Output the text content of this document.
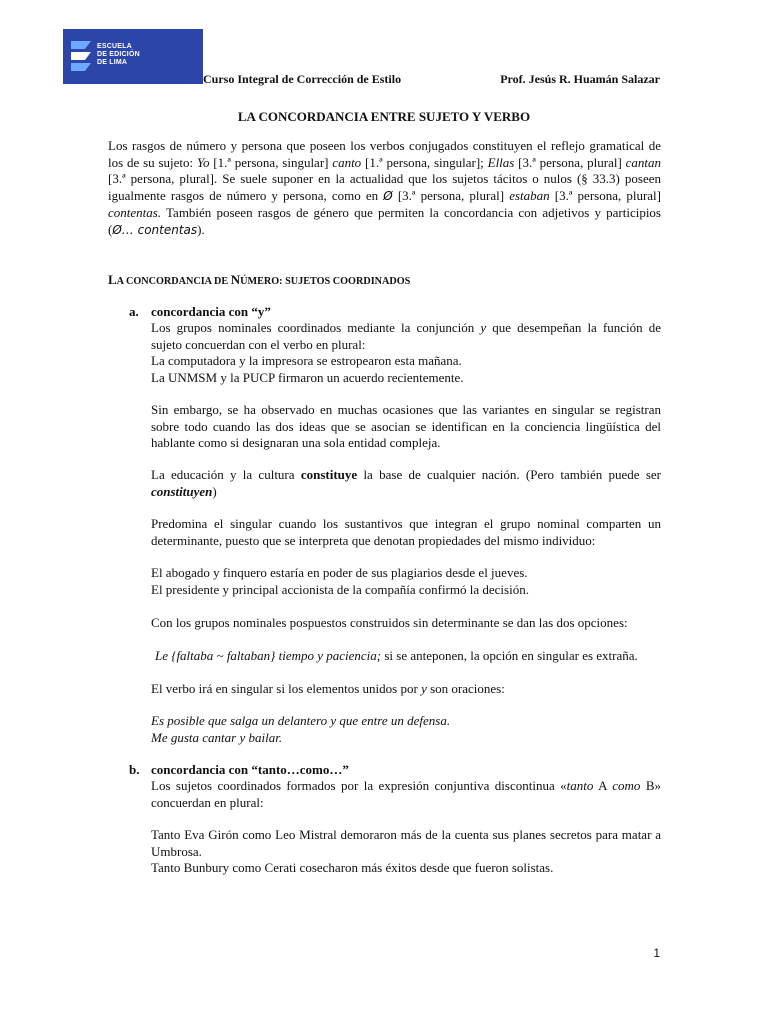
ESCUELA
DE EDICIÓN
DE LIMA
Curso Integral de Corrección de Estilo	Prof. Jesús R. Huamán Salazar
LA CONCORDANCIA ENTRE SUJETO Y VERBO
Los rasgos de número y persona que poseen los verbos conjugados constituyen el reflejo gramatical de los de su sujeto: Yo [1.ª persona, singular] canto [1.ª persona, singular]; Ellas [3.ª persona, plural] cantan [3.ª persona, plural]. Se suele suponer en la actualidad que los sujetos tácitos o nulos (§ 33.3) poseen igualmente rasgos de número y persona, como en Ø [3.ª persona, plural] estaban [3.ª persona, plural] contentas. También poseen rasgos de género que permiten la concordancia con adjetivos y participios (Ø… contentas).
LA CONCORDANCIA DE NÚMERO: SUJETOS COORDINADOS
a. concordancia con “y”
Los grupos nominales coordinados mediante la conjunción y que desempeñan la función de sujeto concuerdan con el verbo en plural:
La computadora y la impresora se estropearon esta mañana.
La UNMSM y la PUCP firmaron un acuerdo recientemente.
Sin embargo, se ha observado en muchas ocasiones que las variantes en singular se registran sobre todo cuando las dos ideas que se asocian se identifican en la conciencia lingüística del hablante como si designaran una sola entidad compleja.
La educación y la cultura constituye la base de cualquier nación. (Pero también puede ser constituyen)
Predomina el singular cuando los sustantivos que integran el grupo nominal comparten un determinante, puesto que se interpreta que denotan propiedades del mismo individuo:
El abogado y finquero estaría en poder de sus plagiarios desde el jueves.
El presidente y principal accionista de la compañía confirmó la decisión.
Con los grupos nominales pospuestos construidos sin determinante se dan las dos opciones:
Le {faltaba ~ faltaban} tiempo y paciencia; si se anteponen, la opción en singular es extraña.
El verbo irá en singular si los elementos unidos por y son oraciones:
Es posible que salga un delantero y que entre un defensa.
Me gusta cantar y bailar.
b. concordancia con “tanto…como…”
Los sujetos coordinados formados por la expresión conjuntiva discontinua «tanto A como B» concuerdan en plural:
Tanto Eva Girón como Leo Mistral demoraron más de la cuenta sus planes secretos para matar a Umbrosa.
Tanto Bunbury como Cerati cosecharon más éxitos desde que fueron solistas.
1
